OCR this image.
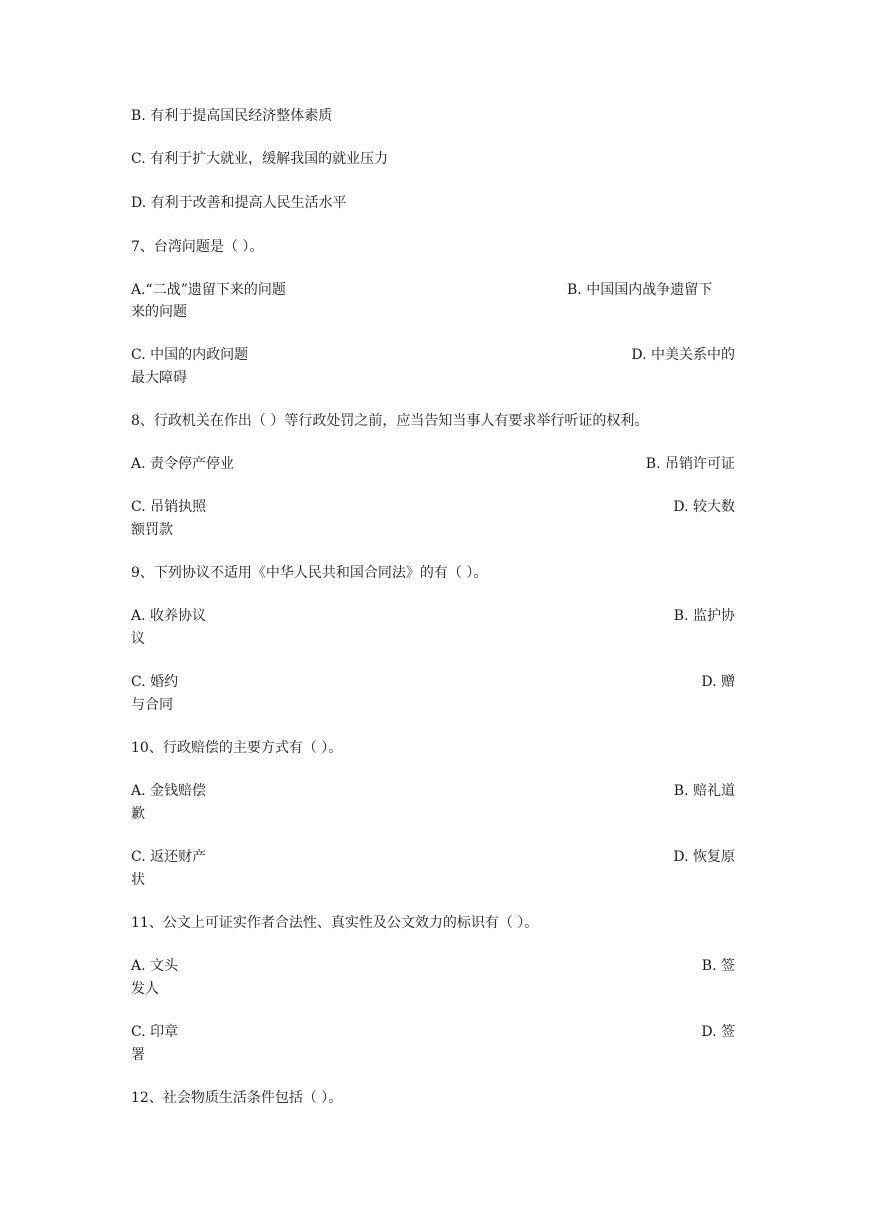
B. 有利于提高国民经济整体素质
C. 有利于扩大就业，缓解我国的就业压力
D. 有利于改善和提高人民生活水平
7、台湾问题是（ ）。
A.“二战”遗留下来的问题	B. 中国国内战争遗留下
来的问题
C. 中国的内政问题	D. 中美关系中的
最大障碍
8、行政机关在作出（ ）等行政处罚之前，应当告知当事人有要求举行听证的权利。
A. 责令停产停业	B. 吊销许可证
C. 吊销执照	D. 较大数
额罚款
9、下列协议不适用《中华人民共和国合同法》的有（ ）。
A. 收养协议	B. 监护协
议
C. 婚约	D. 赠
与合同
10、行政赔偿的主要方式有（ ）。
A. 金钱赔偿	B. 赔礼道
歉
C. 返还财产	D. 恢复原
状
11、公文上可证实作者合法性、真实性及公文效力的标识有（ ）。
A. 文头	B. 签
发人
C. 印章	D. 签
署
12、社会物质生活条件包括（ ）。
